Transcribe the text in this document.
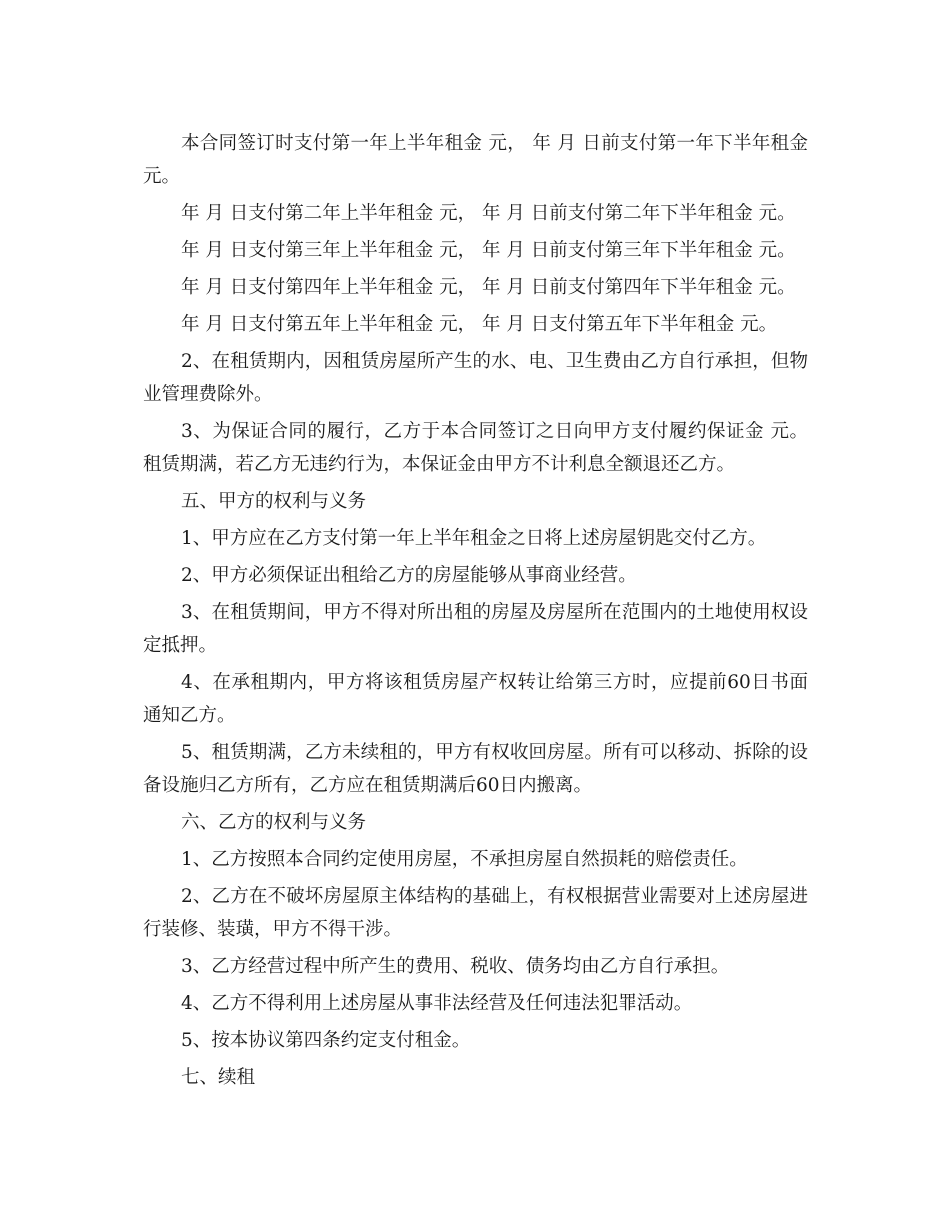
本合同签订时支付第一年上半年租金 元， 年 月 日前支付第一年下半年租金 元。

年 月 日支付第二年上半年租金 元， 年 月 日前支付第二年下半年租金 元。

年 月 日支付第三年上半年租金 元， 年 月 日前支付第三年下半年租金 元。

年 月 日支付第四年上半年租金 元， 年 月 日前支付第四年下半年租金 元。

年 月 日支付第五年上半年租金 元， 年 月 日支付第五年下半年租金 元。

2、在租赁期内，因租赁房屋所产生的水、电、卫生费由乙方自行承担，但物业管理费除外。

3、为保证合同的履行，乙方于本合同签订之日向甲方支付履约保证金 元。租赁期满，若乙方无违约行为，本保证金由甲方不计利息全额退还乙方。

五、甲方的权利与义务

1、甲方应在乙方支付第一年上半年租金之日将上述房屋钥匙交付乙方。

2、甲方必须保证出租给乙方的房屋能够从事商业经营。

3、在租赁期间，甲方不得对所出租的房屋及房屋所在范围内的土地使用权设定抵押。

4、在承租期内，甲方将该租赁房屋产权转让给第三方时，应提前60日书面通知乙方。

5、租赁期满，乙方未续租的，甲方有权收回房屋。所有可以移动、拆除的设备设施归乙方所有，乙方应在租赁期满后60日内搬离。

六、乙方的权利与义务

1、乙方按照本合同约定使用房屋，不承担房屋自然损耗的赔偿责任。

2、乙方在不破坏房屋原主体结构的基础上，有权根据营业需要对上述房屋进行装修、装璜，甲方不得干涉。

3、乙方经营过程中所产生的费用、税收、债务均由乙方自行承担。

4、乙方不得利用上述房屋从事非法经营及任何违法犯罪活动。

5、按本协议第四条约定支付租金。

七、续租
